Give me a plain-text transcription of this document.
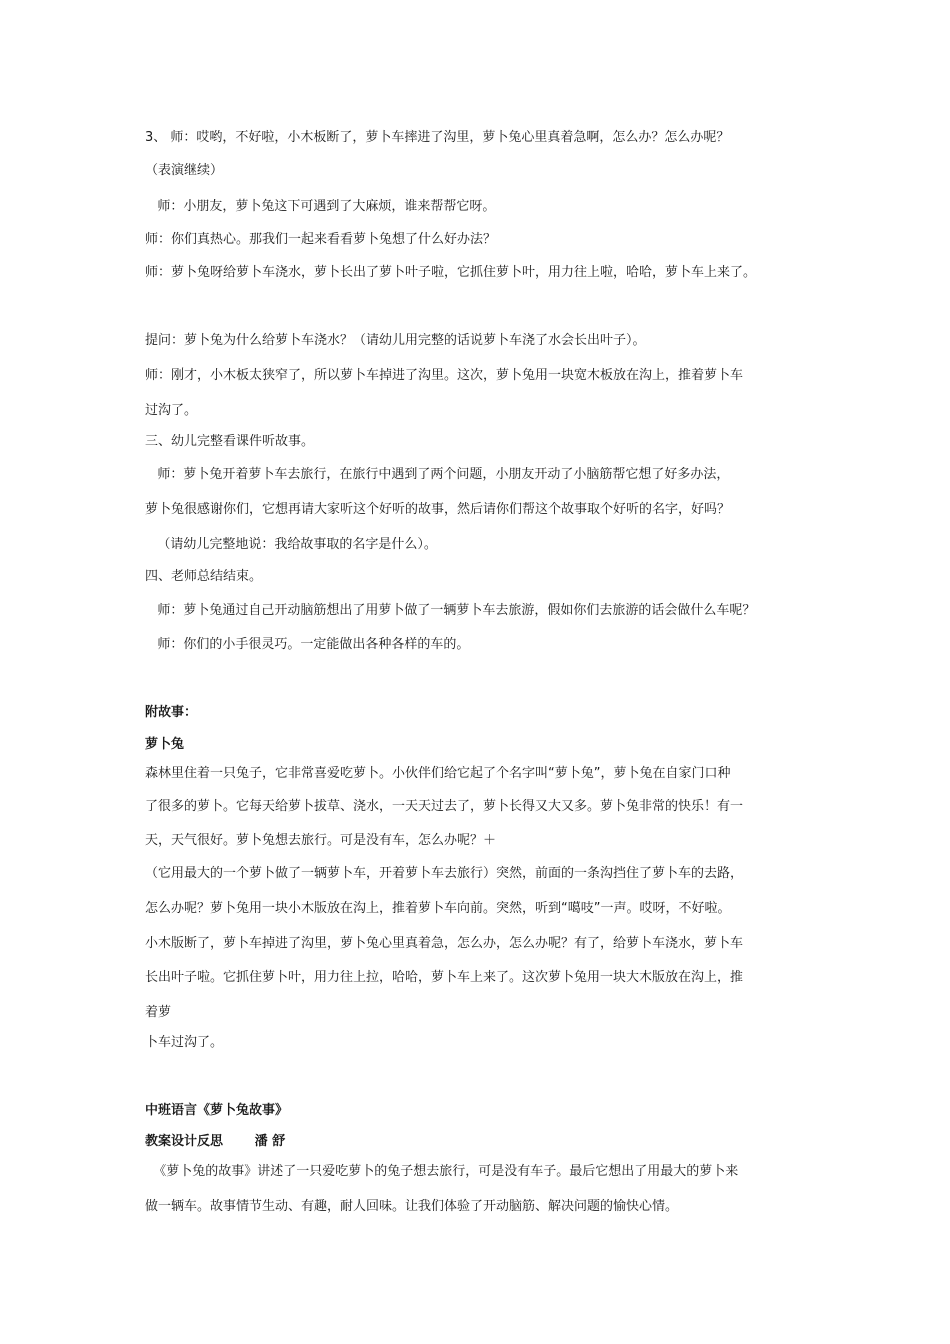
3、 师：哎哟，不好啦，小木板断了，萝卜车摔进了沟里，萝卜兔心里真着急啊，怎么办？怎么办呢？
（表演继续）
师：小朋友，萝卜兔这下可遇到了大麻烦，谁来帮帮它呀。
师：你们真热心。那我们一起来看看萝卜兔想了什么好办法？
师：萝卜兔呀给萝卜车浇水，萝卜长出了萝卜叶子啦，它抓住萝卜叶，用力往上啦，哈哈，萝卜车上来了。
提问：萝卜兔为什么给萝卜车浇水？（请幼儿用完整的话说萝卜车浇了水会长出叶子）。
师：刚才，小木板太狭窄了，所以萝卜车掉进了沟里。这次，萝卜兔用一块宽木板放在沟上，推着萝卜车
过沟了。
三、幼儿完整看课件听故事。
师：萝卜兔开着萝卜车去旅行，在旅行中遇到了两个问题，小朋友开动了小脑筋帮它想了好多办法，
萝卜兔很感谢你们，它想再请大家听这个好听的故事，然后请你们帮这个故事取个好听的名字，好吗？
（请幼儿完整地说：我给故事取的名字是什么）。
四、老师总结结束。
师：萝卜兔通过自己开动脑筋想出了用萝卜做了一辆萝卜车去旅游，假如你们去旅游的话会做什么车呢？
师：你们的小手很灵巧。一定能做出各种各样的车的。
附故事：
萝卜兔
森林里住着一只兔子，它非常喜爱吃萝卜。小伙伴们给它起了个名字叫“萝卜兔”，萝卜兔在自家门口种
了很多的萝卜。它每天给萝卜拔草、浇水，一天天过去了，萝卜长得又大又多。萝卜兔非常的快乐！有一
天，天气很好。萝卜兔想去旅行。可是没有车，怎么办呢？＋
（它用最大的一个萝卜做了一辆萝卜车，开着萝卜车去旅行）突然，前面的一条沟挡住了萝卜车的去路，
怎么办呢？萝卜兔用一块小木版放在沟上，推着萝卜车向前。突然，听到“噶吱”一声。哎呀，不好啦。
小木版断了，萝卜车掉进了沟里，萝卜兔心里真着急，怎么办，怎么办呢？有了，给萝卜车浇水，萝卜车
长出叶子啦。它抓住萝卜叶，用力往上拉，哈哈，萝卜车上来了。这次萝卜兔用一块大木版放在沟上，推
着萝
卜车过沟了。
中班语言《萝卜兔故事》
教案设计反思       潘 舒
《萝卜兔的故事》讲述了一只爱吃萝卜的兔子想去旅行，可是没有车子。最后它想出了用最大的萝卜来
做一辆车。故事情节生动、有趣，耐人回味。让我们体验了开动脑筋、解决问题的愉快心情。
